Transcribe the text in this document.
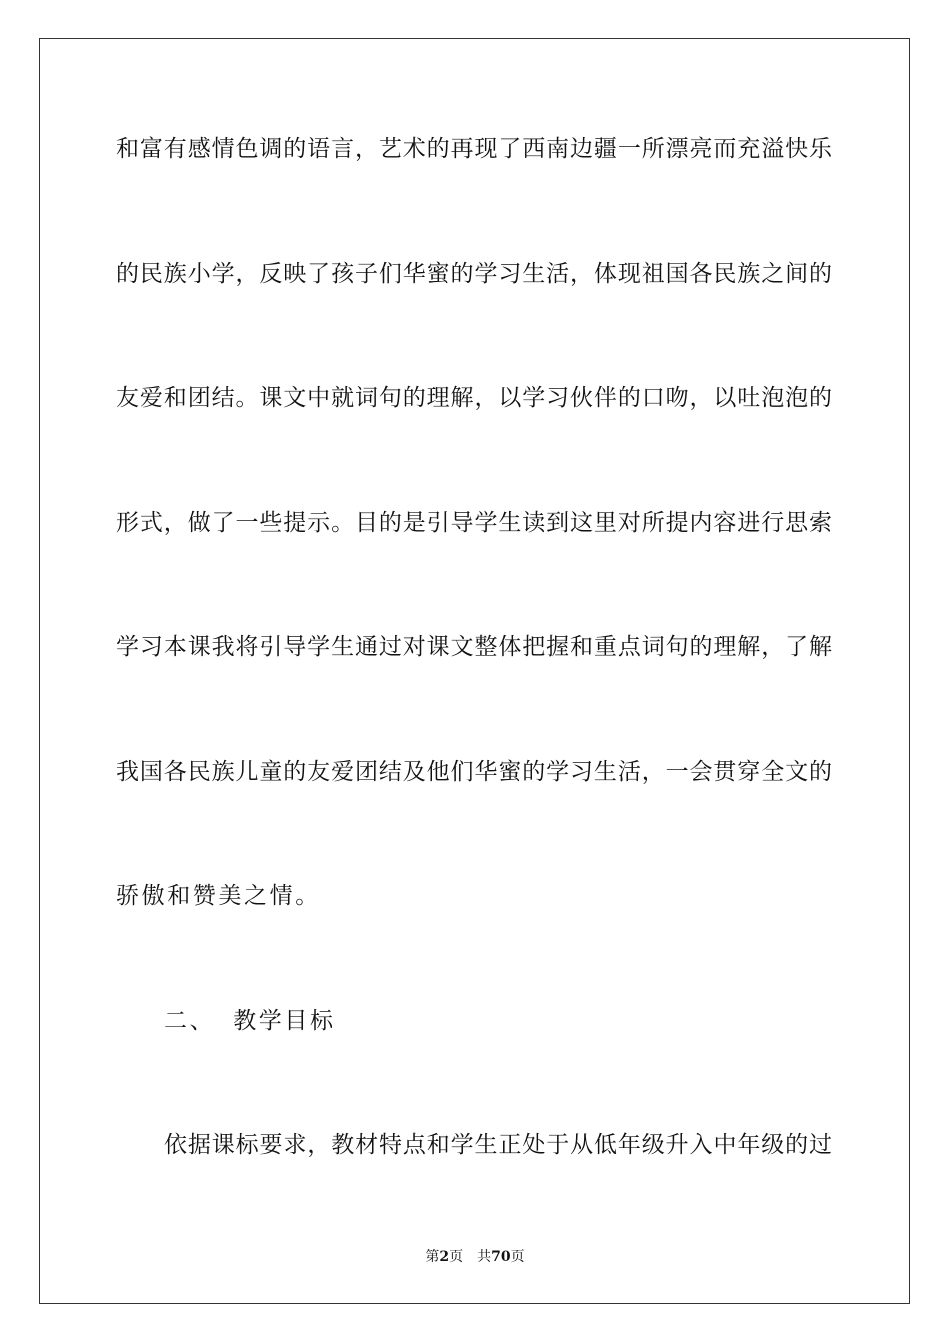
和富有感情色调的语言，艺术的再现了西南边疆一所漂亮而充溢快乐
的民族小学，反映了孩子们华蜜的学习生活，体现祖国各民族之间的
友爱和团结。课文中就词句的理解，以学习伙伴的口吻，以吐泡泡的
形式，做了一些提示。目的是引导学生读到这里对所提内容进行思索
学习本课我将引导学生通过对课文整体把握和重点词句的理解，了解
我国各民族儿童的友爱团结及他们华蜜的学习生活，一会贯穿全文的
骄傲和赞美之情。
二、 教学目标
依据课标要求，教材特点和学生正处于从低年级升入中年级的过
第2页 共70页
